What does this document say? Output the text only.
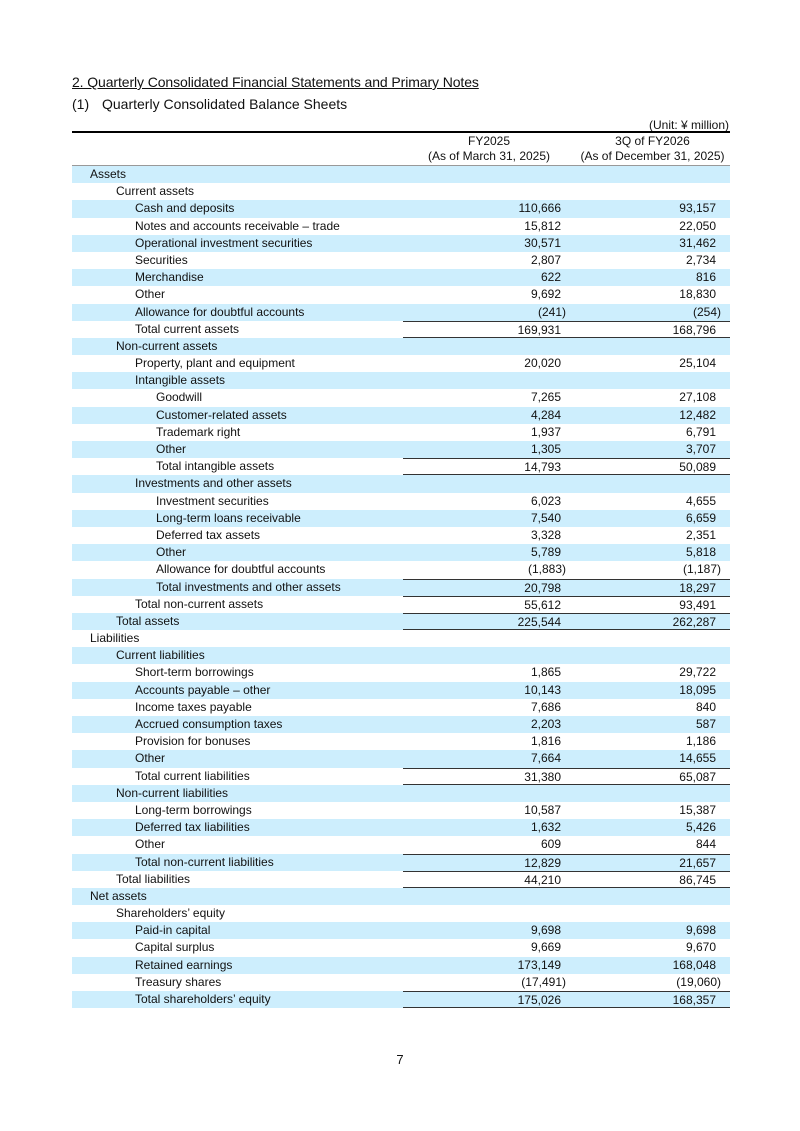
2. Quarterly Consolidated Financial Statements and Primary Notes
(1) Quarterly Consolidated Balance Sheets
(Unit: ¥ million)
FY2025
(As of March 31, 2025)
3Q of FY2026
(As of December 31, 2025)
Assets
Current assets
Cash and deposits	110,666	93,157
Notes and accounts receivable – trade	15,812	22,050
Operational investment securities	30,571	31,462
Securities	2,807	2,734
Merchandise	622	816
Other	9,692	18,830
Allowance for doubtful accounts	(241)	(254)
Total current assets	169,931	168,796
Non-current assets
Property, plant and equipment	20,020	25,104
Intangible assets
Goodwill	7,265	27,108
Customer-related assets	4,284	12,482
Trademark right	1,937	6,791
Other	1,305	3,707
Total intangible assets	14,793	50,089
Investments and other assets
Investment securities	6,023	4,655
Long-term loans receivable	7,540	6,659
Deferred tax assets	3,328	2,351
Other	5,789	5,818
Allowance for doubtful accounts	(1,883)	(1,187)
Total investments and other assets	20,798	18,297
Total non-current assets	55,612	93,491
Total assets	225,544	262,287
Liabilities
Current liabilities
Short-term borrowings	1,865	29,722
Accounts payable – other	10,143	18,095
Income taxes payable	7,686	840
Accrued consumption taxes	2,203	587
Provision for bonuses	1,816	1,186
Other	7,664	14,655
Total current liabilities	31,380	65,087
Non-current liabilities
Long-term borrowings	10,587	15,387
Deferred tax liabilities	1,632	5,426
Other	609	844
Total non-current liabilities	12,829	21,657
Total liabilities	44,210	86,745
Net assets
Shareholders’ equity
Paid-in capital	9,698	9,698
Capital surplus	9,669	9,670
Retained earnings	173,149	168,048
Treasury shares	(17,491)	(19,060)
Total shareholders’ equity	175,026	168,357
7
